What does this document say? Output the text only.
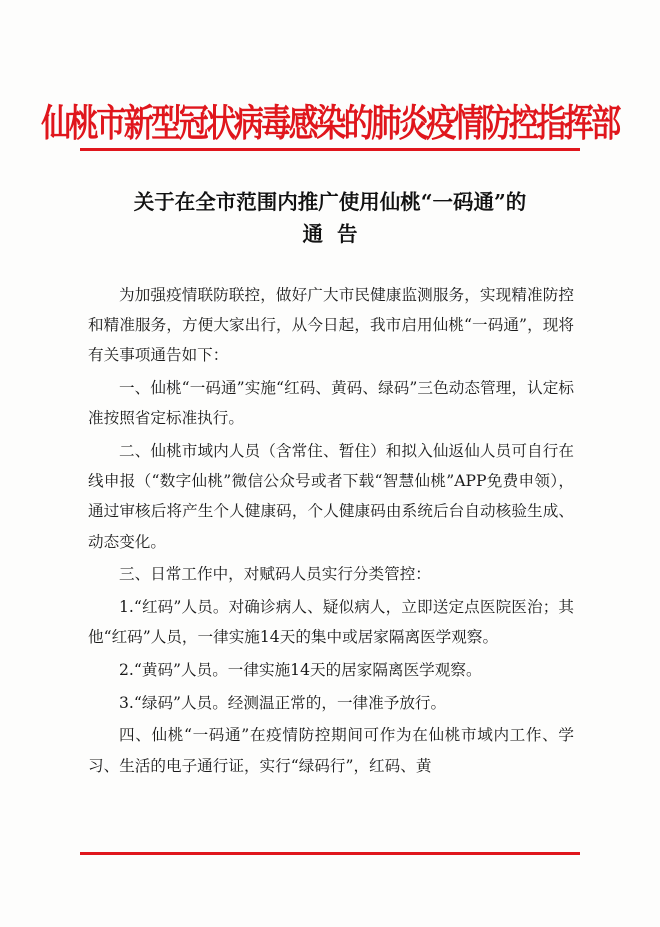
仙桃市新型冠状病毒感染的肺炎疫情防控指挥部
关于在全市范围内推广使用仙桃“一码通”的
通告

为加强疫情联防联控，做好广大市民健康监测服务，实现精准防控和精准服务，方便大家出行，从今日起，我市启用仙桃“一码通”，现将有关事项通告如下：

一、仙桃“一码通”实施“红码、黄码、绿码”三色动态管理，认定标准按照省定标准执行。

二、仙桃市域内人员（含常住、暂住）和拟入仙返仙人员可自行在线申报（“数字仙桃”微信公众号或者下载“智慧仙桃”APP免费申领），通过审核后将产生个人健康码，个人健康码由系统后台自动核验生成、动态变化。

三、日常工作中，对赋码人员实行分类管控：

1.“红码”人员。对确诊病人、疑似病人，立即送定点医院医治；其他“红码”人员，一律实施14天的集中或居家隔离医学观察。

2.“黄码”人员。一律实施14天的居家隔离医学观察。

3.“绿码”人员。经测温正常的，一律准予放行。

四、仙桃“一码通”在疫情防控期间可作为在仙桃市域内工作、学习、生活的电子通行证，实行“绿码行”，红码、黄
